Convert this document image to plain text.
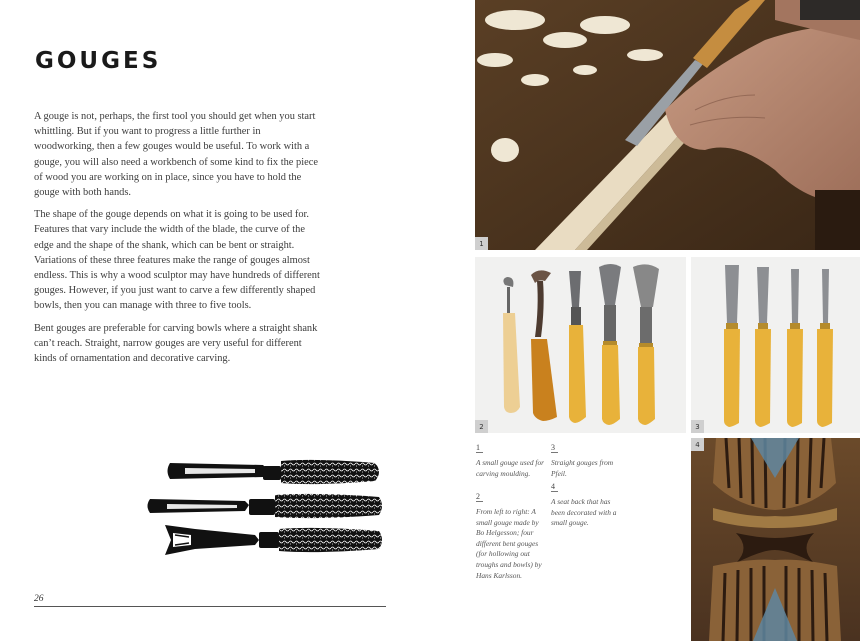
GOUGES

A gouge is not, perhaps, the first tool you should get when you start whittling. But if you want to progress a little further in woodworking, then a few gouges would be useful. To work with a gouge, you will also need a workbench of some kind to fix the piece of wood you are working on in place, since you have to hold the gouge with both hands.

The shape of the gouge depends on what it is going to be used for. Features that vary include the width of the blade, the curve of the edge and the shape of the shank, which can be bent or straight. Variations of these three features make the range of gouges almost endless. This is why a wood sculptor may have hundreds of different gouges. However, if you just want to carve a few differently shaped bowls, then you can manage with three to five tools.

Bent gouges are preferable for carving bowls where a straight shank can’t reach. Straight, narrow gouges are very useful for different kinds of ornamentation and decorative carving.

26
1
2	3
4
1
A small gouge used for carving moulding.
2
From left to right: A small gouge made by Bo Helgesson; four different bent gouges (for hollowing out troughs and bowls) by Hans Karlsson.
3
Straight gouges from Pfeil.
4
A seat back that has been decorated with a small gouge.
